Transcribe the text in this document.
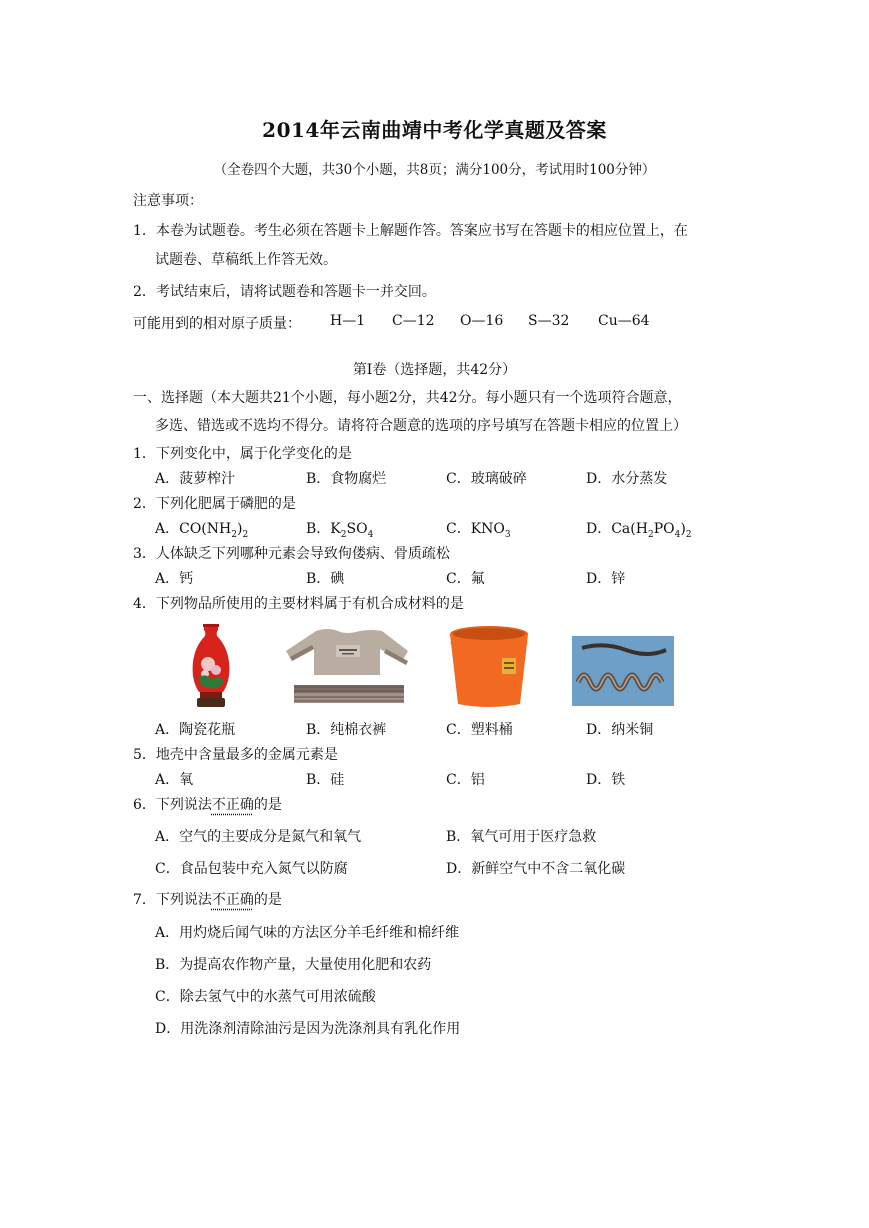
2014年云南曲靖中考化学真题及答案
（全卷四个大题，共30个小题，共8页；满分100分，考试用时100分钟）
注意事项：
1．本卷为试题卷。考生必须在答题卡上解题作答。答案应书写在答题卡的相应位置上，在
试题卷、草稿纸上作答无效。
2．考试结束后，请将试题卷和答题卡一并交回。
可能用到的相对原子质量： H—1 C—12 O—16 S—32 Cu—64
第Ⅰ卷（选择题，共42分）
一、选择题（本大题共21个小题，每小题2分，共42分。每小题只有一个选项符合题意，
多选、错选或不选均不得分。请将符合题意的选项的序号填写在答题卡相应的位置上）
1．下列变化中，属于化学变化的是
A．菠萝榨汁	B．食物腐烂	C．玻璃破碎	D．水分蒸发
2．下列化肥属于磷肥的是
A．$CO(NH_2)_2$	B．$K_2SO_4$	C．$KNO_3$	D．$Ca(H_2PO_4)_2$
3．人体缺乏下列哪种元素会导致佝偻病、骨质疏松
A．钙	B．碘	C．氟	D．锌
4．下列物品所使用的主要材料属于有机合成材料的是
A．陶瓷花瓶	B．纯棉衣裤	C．塑料桶	D．纳米铜
5．地壳中含量最多的金属元素是
A．氧	B．硅	C．铝	D．铁
6．下列说法不正确的是
A．空气的主要成分是氮气和氧气	B．氧气可用于医疗急救
C．食品包装中充入氮气以防腐	D．新鲜空气中不含二氧化碳
7．下列说法不正确的是
A．用灼烧后闻气味的方法区分羊毛纤维和棉纤维
B．为提高农作物产量，大量使用化肥和农药
C．除去氢气中的水蒸气可用浓硫酸
D．用洗涤剂清除油污是因为洗涤剂具有乳化作用
